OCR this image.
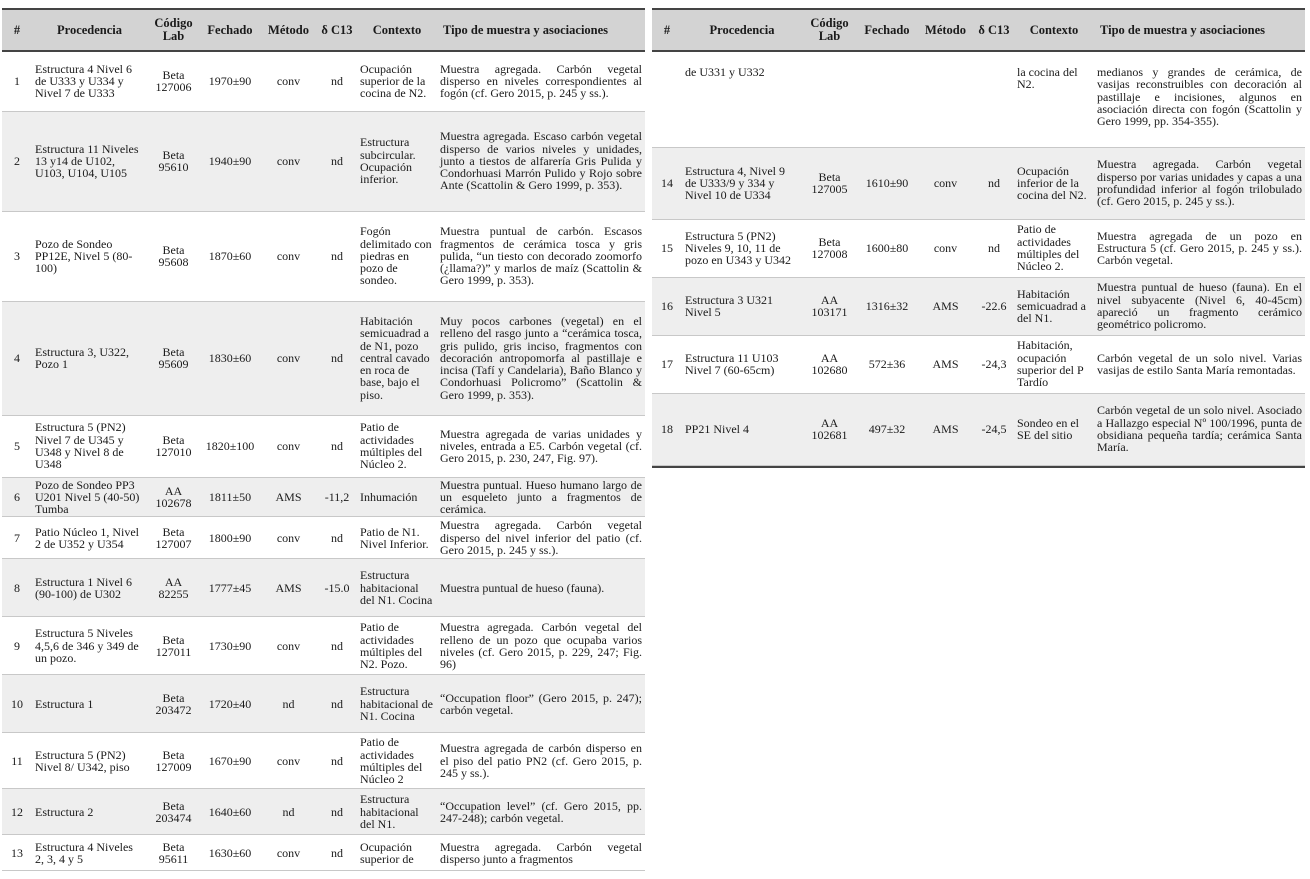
#	Procedencia	Código Lab	Fechado	Método	δ C13	Contexto	Tipo de muestra y asociaciones
1	Estructura 4 Nivel 6 de U333 y U334 y Nivel 7 de U333	Beta 127006	1970±90	conv	nd	Ocupación superior de la cocina de N2.	Muestra agregada. Carbón vegetal disperso en niveles correspondientes al fogón (cf. Gero 2015, p. 245 y ss.).
2	Estructura 11 Niveles 13 y14 de U102, U103, U104, U105	Beta 95610	1940±90	conv	nd	Estructura subcircular. Ocupación inferior.	Muestra agregada. Escaso carbón vegetal disperso de varios niveles y unidades, junto a tiestos de alfarería Gris Pulida y Condorhuasi Marrón Pulido y Rojo sobre Ante (Scattolin & Gero 1999, p. 353).
3	Pozo de Sondeo PP12E, Nivel 5 (80-100)	Beta 95608	1870±60	conv	nd	Fogón delimitado con piedras en pozo de sondeo.	Muestra puntual de carbón. Escasos fragmentos de cerámica tosca y gris pulida, “un tiesto con decorado zoomorfo (¿llama?)” y marlos de maíz (Scattolin & Gero 1999, p. 353).
4	Estructura 3, U322, Pozo 1	Beta 95609	1830±60	conv	nd	Habitación semicuadrad a de N1, pozo central cavado en roca de base, bajo el piso.	Muy pocos carbones (vegetal) en el relleno del rasgo junto a “cerámica tosca, gris pulido, gris inciso, fragmentos con decoración antropomorfa al pastillaje e incisa (Tafí y Candelaria), Baño Blanco y Condorhuasi Policromo” (Scattolin & Gero 1999, p. 353).
5	Estructura 5 (PN2) Nivel 7 de U345 y U348 y Nivel 8 de U348	Beta 127010	1820±100	conv	nd	Patio de actividades múltiples del Núcleo 2.	Muestra agregada de varias unidades y niveles, entrada a E5. Carbón vegetal (cf. Gero 2015, p. 230, 247, Fig. 97).
6	Pozo de Sondeo PP3 U201 Nivel 5 (40-50) Tumba	AA 102678	1811±50	AMS	-11,2	Inhumación	Muestra puntual. Hueso humano largo de un esqueleto junto a fragmentos de cerámica.
7	Patio Núcleo 1, Nivel 2 de U352 y U354	Beta 127007	1800±90	conv	nd	Patio de N1. Nivel Inferior.	Muestra agregada. Carbón vegetal disperso del nivel inferior del patio (cf. Gero 2015, p. 245 y ss.).
8	Estructura 1 Nivel 6 (90-100) de U302	AA 82255	1777±45	AMS	-15.0	Estructura habitacional del N1. Cocina	Muestra puntual de hueso (fauna).
9	Estructura 5 Niveles 4,5,6 de 346 y 349 de un pozo.	Beta 127011	1730±90	conv	nd	Patio de actividades múltiples del N2. Pozo.	Muestra agregada. Carbón vegetal del relleno de un pozo que ocupaba varios niveles (cf. Gero 2015, p. 229, 247; Fig. 96)
10	Estructura 1	Beta 203472	1720±40	nd	nd	Estructura habitacional de N1. Cocina	“Occupation floor” (Gero 2015, p. 247); carbón vegetal.
11	Estructura 5 (PN2) Nivel 8/ U342, piso	Beta 127009	1670±90	conv	nd	Patio de actividades múltiples del Núcleo 2	Muestra agregada de carbón disperso en el piso del patio PN2 (cf. Gero 2015, p. 245 y ss.).
12	Estructura 2	Beta 203474	1640±60	nd	nd	Estructura habitacional del N1.	“Occupation level” (cf. Gero 2015, pp. 247-248); carbón vegetal.
13	Estructura 4 Niveles 2, 3, 4 y 5	Beta 95611	1630±60	conv	nd	Ocupación superior de	Muestra agregada. Carbón vegetal disperso junto a fragmentos
#	Procedencia	Código Lab	Fechado	Método	δ C13	Contexto	Tipo de muestra y asociaciones
	de U331 y U332					la cocina del N2.	medianos y grandes de cerámica, de vasijas reconstruibles con decoración al pastillaje e incisiones, algunos en asociación directa con fogón (Scattolin y Gero 1999, pp. 354-355).
14	Estructura 4, Nivel 9 de U333/9 y 334 y Nivel 10 de U334	Beta 127005	1610±90	conv	nd	Ocupación inferior de la cocina del N2.	Muestra agregada. Carbón vegetal disperso por varias unidades y capas a una profundidad inferior al fogón trilobulado (cf. Gero 2015, p. 245 y ss.).
15	Estructura 5 (PN2) Niveles 9, 10, 11 de pozo en U343 y U342	Beta 127008	1600±80	conv	nd	Patio de actividades múltiples del Núcleo 2.	Muestra agregada de un pozo en Estructura 5 (cf. Gero 2015, p. 245 y ss.). Carbón vegetal.
16	Estructura 3 U321 Nivel 5	AA 103171	1316±32	AMS	-22.6	Habitación semicuadrad a del N1.	Muestra puntual de hueso (fauna). En el nivel subyacente (Nivel 6, 40-45cm) apareció un fragmento cerámico geométrico policromo.
17	Estructura 11 U103 Nivel 7 (60-65cm)	AA 102680	572±36	AMS	-24,3	Habitación, ocupación superior del P Tardío	Carbón vegetal de un solo nivel. Varias vasijas de estilo Santa María remontadas.
18	PP21 Nivel 4	AA 102681	497±32	AMS	-24,5	Sondeo en el SE del sitio	Carbón vegetal de un solo nivel. Asociado a Hallazgo especial Nº 100/1996, punta de obsidiana pequeña tardía; cerámica Santa María.
